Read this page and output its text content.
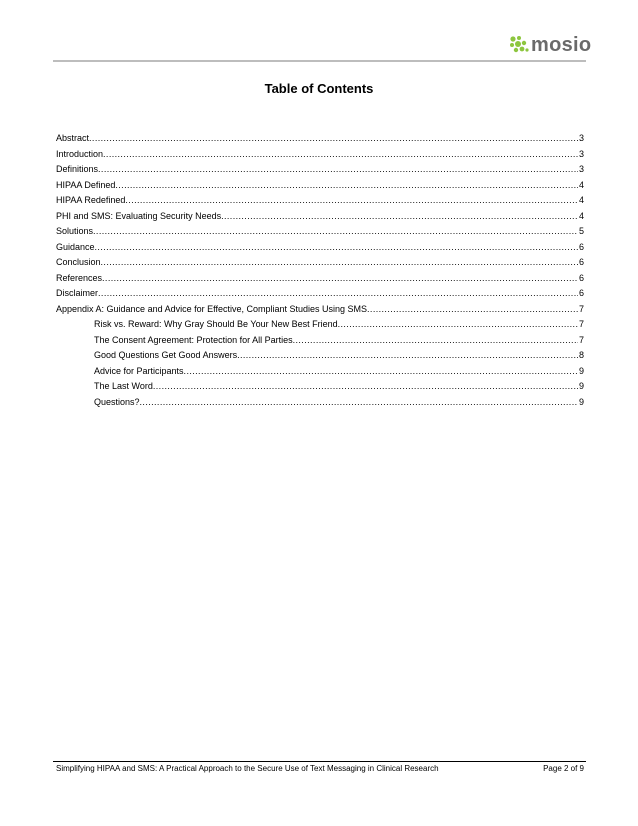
mosio
Table of Contents
Abstract .....	3
Introduction .....	3
Definitions .....	3
HIPAA Defined .....	4
HIPAA Redefined .....	4
PHI and SMS: Evaluating Security Needs .....	4
Solutions .....	5
Guidance .....	6
Conclusion .....	6
References .....	6
Disclaimer .....	6
Appendix A: Guidance and Advice for Effective, Compliant Studies Using SMS .....	7
Risk vs. Reward: Why Gray Should Be Your New Best Friend .....	7
The Consent Agreement: Protection for All Parties .....	7
Good Questions Get Good Answers .....	8
Advice for Participants .....	9
The Last Word .....	9
Questions? .....	9
Simplifying HIPAA and SMS: A Practical Approach to the Secure Use of Text Messaging in Clinical Research	Page 2 of 9
